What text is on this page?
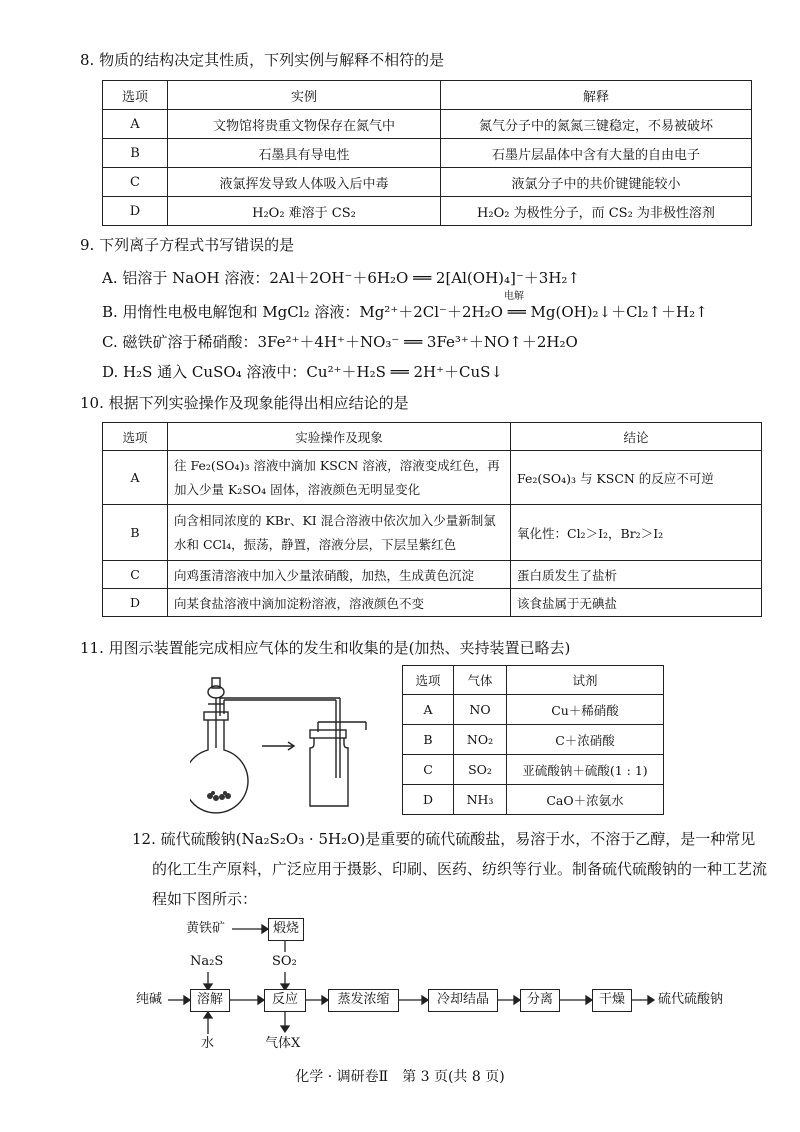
8. 物质的结构决定其性质，下列实例与解释不相符的是
选项	实例	解释
A	文物馆将贵重文物保存在氮气中	氮气分子中的氮氮三键稳定，不易被破坏
B	石墨具有导电性	石墨片层晶体中含有大量的自由电子
C	液氯挥发导致人体吸入后中毒	液氯分子中的共价键键能较小
D	H₂O₂ 难溶于 CS₂	H₂O₂ 为极性分子，而 CS₂ 为非极性溶剂
9. 下列离子方程式书写错误的是
A. 铝溶于 NaOH 溶液：2Al＋2OH⁻＋6H₂O ══ 2[Al(OH)₄]⁻＋3H₂↑
电解
B. 用惰性电极电解饱和 MgCl₂ 溶液：Mg²⁺＋2Cl⁻＋2H₂O ══ Mg(OH)₂↓＋Cl₂↑＋H₂↑
C. 磁铁矿溶于稀硝酸：3Fe²⁺＋4H⁺＋NO₃⁻ ══ 3Fe³⁺＋NO↑＋2H₂O
D. H₂S 通入 CuSO₄ 溶液中：Cu²⁺＋H₂S ══ 2H⁺＋CuS↓
10. 根据下列实验操作及现象能得出相应结论的是
选项	实验操作及现象	结论
A	往 Fe₂(SO₄)₃ 溶液中滴加 KSCN 溶液，溶液变成红色，再加入少量 K₂SO₄ 固体，溶液颜色无明显变化	Fe₂(SO₄)₃ 与 KSCN 的反应不可逆
B	向含相同浓度的 KBr、KI 混合溶液中依次加入少量新制氯水和 CCl₄，振荡，静置，溶液分层，下层呈紫红色	氧化性：Cl₂＞I₂，Br₂＞I₂
C	向鸡蛋清溶液中加入少量浓硝酸，加热，生成黄色沉淀	蛋白质发生了盐析
D	向某食盐溶液中滴加淀粉溶液，溶液颜色不变	该食盐属于无碘盐
11. 用图示装置能完成相应气体的发生和收集的是(加热、夹持装置已略去)
选项	气体	试剂
A	NO	Cu＋稀硝酸
B	NO₂	C＋浓硝酸
C	SO₂	亚硫酸钠＋硫酸(1 : 1)
D	NH₃	CaO＋浓氨水
12. 硫代硫酸钠(Na₂S₂O₃ · 5H₂O)是重要的硫代硫酸盐，易溶于水，不溶于乙醇，是一种常见的化工生产原料，广泛应用于摄影、印刷、医药、纺织等行业。制备硫代硫酸钠的一种工艺流程如下图所示：
黄铁矿	煅烧
Na₂S	SO₂
纯碱	溶解	反应	蒸发浓缩	冷却结晶	分离	干燥	硫代硫酸钠
水	气体X
化学 · 调研卷Ⅱ　第 3 页(共 8 页)
